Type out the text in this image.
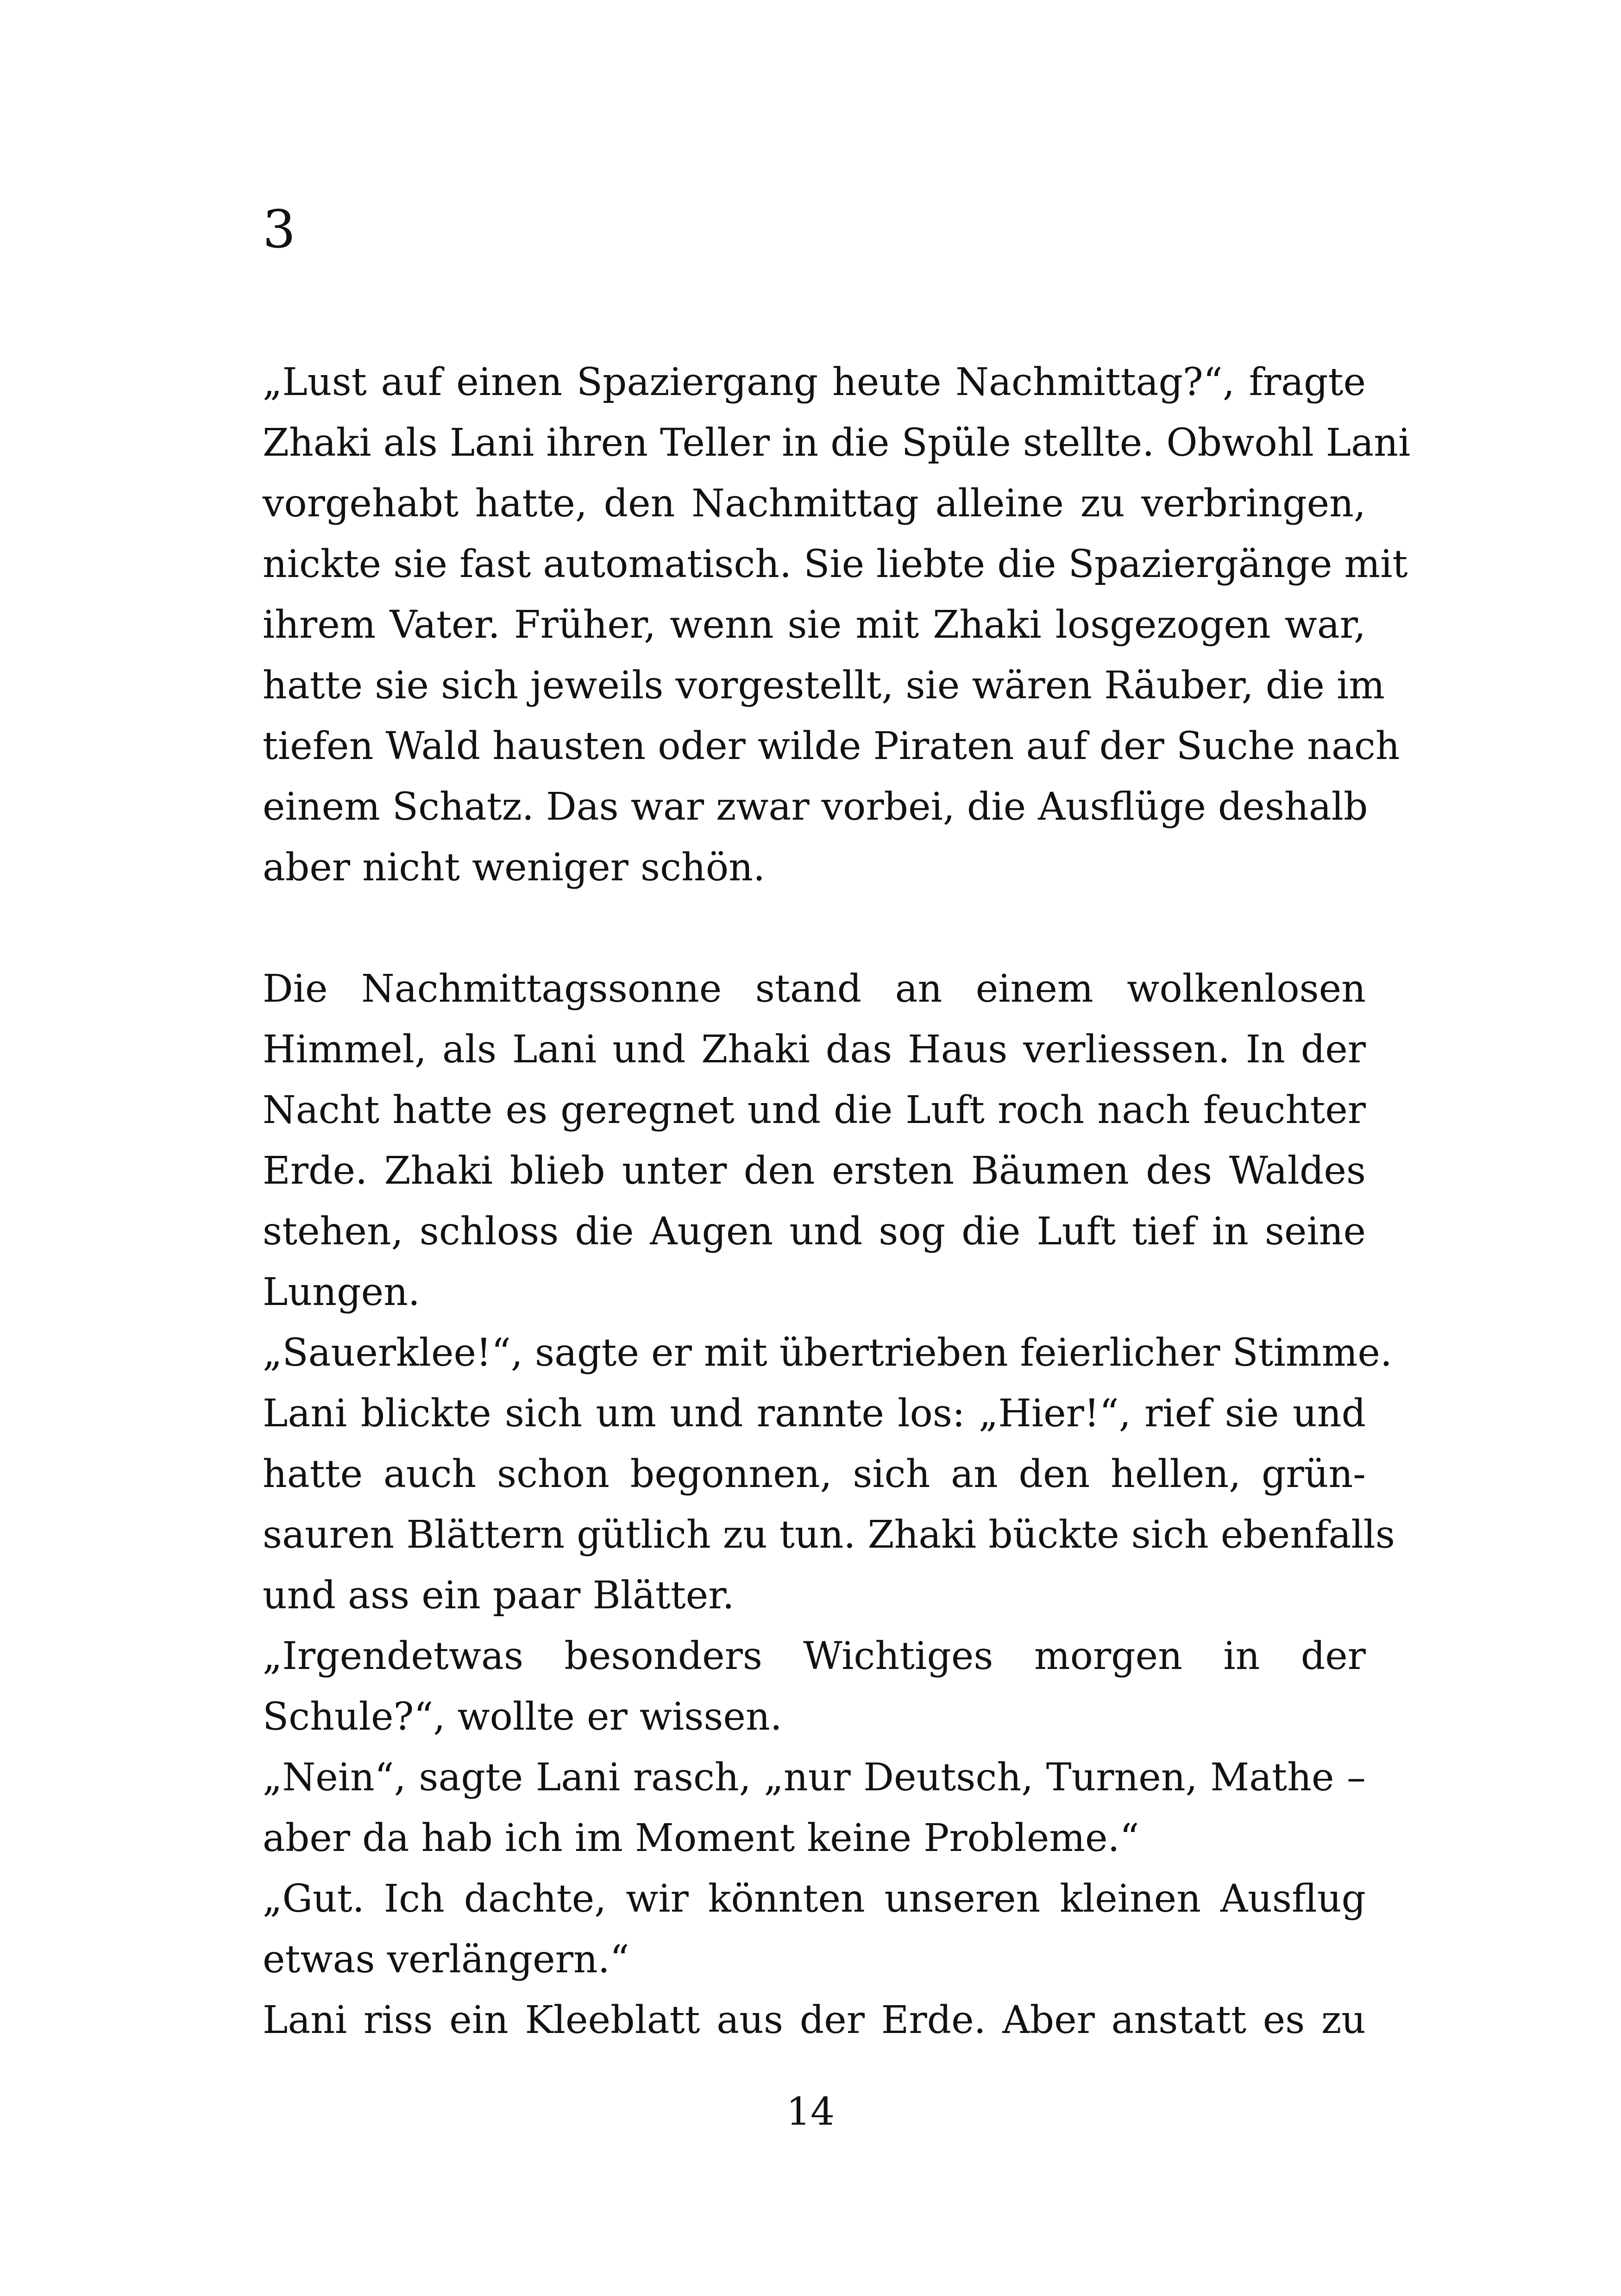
3
„Lust auf einen Spaziergang heute Nachmittag?“, fragte
Zhaki als Lani ihren Teller in die Spüle stellte. Obwohl Lani
vorgehabt hatte, den Nachmittag alleine zu verbringen,
nickte sie fast automatisch. Sie liebte die Spaziergänge mit
ihrem Vater. Früher, wenn sie mit Zhaki losgezogen war,
hatte sie sich jeweils vorgestellt, sie wären Räuber, die im
tiefen Wald hausten oder wilde Piraten auf der Suche nach
einem Schatz. Das war zwar vorbei, die Ausflüge deshalb
aber nicht weniger schön.
Die Nachmittagssonne stand an einem wolkenlosen
Himmel, als Lani und Zhaki das Haus verliessen. In der
Nacht hatte es geregnet und die Luft roch nach feuchter
Erde. Zhaki blieb unter den ersten Bäumen des Waldes
stehen, schloss die Augen und sog die Luft tief in seine
Lungen.
„Sauerklee!“, sagte er mit übertrieben feierlicher Stimme.
Lani blickte sich um und rannte los: „Hier!“, rief sie und
hatte auch schon begonnen, sich an den hellen, grün-
sauren Blättern gütlich zu tun. Zhaki bückte sich ebenfalls
und ass ein paar Blätter.
„Irgendetwas besonders Wichtiges morgen in der
Schule?“, wollte er wissen.
„Nein“, sagte Lani rasch, „nur Deutsch, Turnen, Mathe –
aber da hab ich im Moment keine Probleme.“
„Gut. Ich dachte, wir könnten unseren kleinen Ausflug
etwas verlängern.“
Lani riss ein Kleeblatt aus der Erde. Aber anstatt es zu
14
